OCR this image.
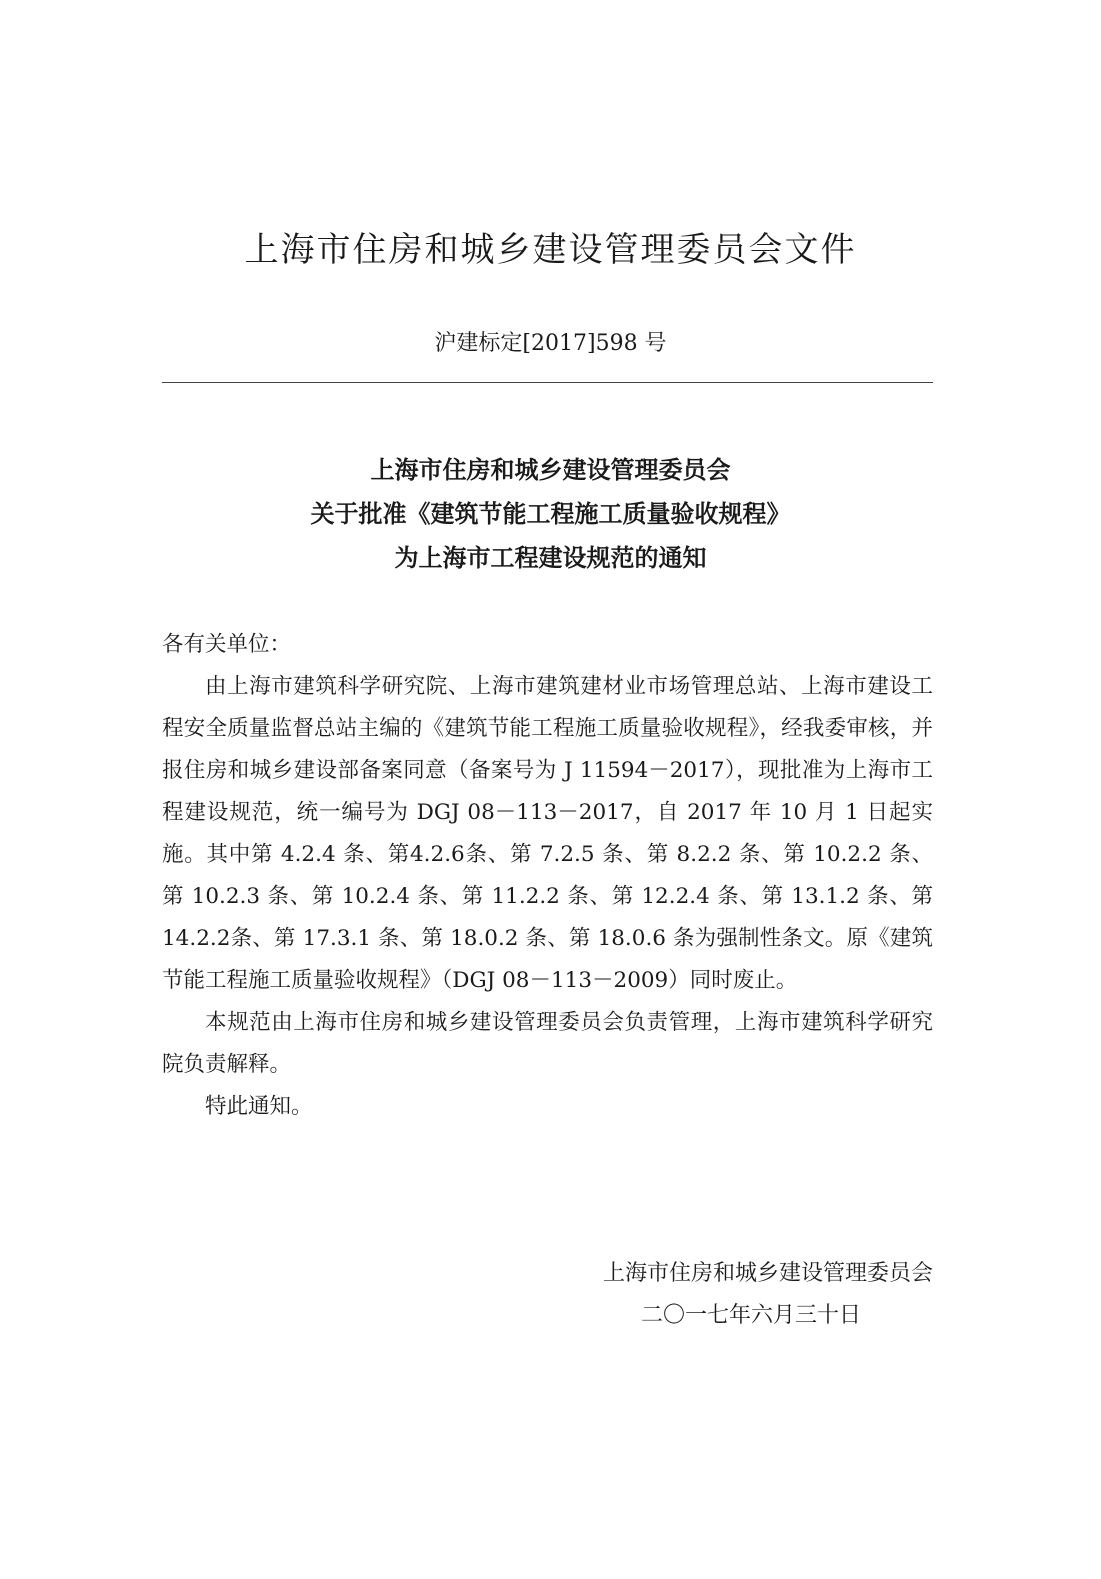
上海市住房和城乡建设管理委员会文件
沪建标定[2017]598 号
上海市住房和城乡建设管理委员会
关于批准《建筑节能工程施工质量验收规程》
为上海市工程建设规范的通知

各有关单位：

由上海市建筑科学研究院、上海市建筑建材业市场管理总站、上海市建设工程安全质量监督总站主编的《建筑节能工程施工质量验收规程》，经我委审核，并报住房和城乡建设部备案同意（备案号为 J 11594－2017），现批准为上海市工程建设规范，统一编号为 DGJ 08－113－2017，自 2017 年 10 月 1 日起实施。其中第 4.2.4 条、第4.2.6条、第 7.2.5 条、第 8.2.2 条、第 10.2.2 条、第 10.2.3 条、第 10.2.4 条、第 11.2.2 条、第 12.2.4 条、第 13.1.2 条、第 14.2.2条、第 17.3.1 条、第 18.0.2 条、第 18.0.6 条为强制性条文。原《建筑节能工程施工质量验收规程》（DGJ 08－113－2009）同时废止。

本规范由上海市住房和城乡建设管理委员会负责管理，上海市建筑科学研究院负责解释。

特此通知。

上海市住房和城乡建设管理委员会
二〇一七年六月三十日
